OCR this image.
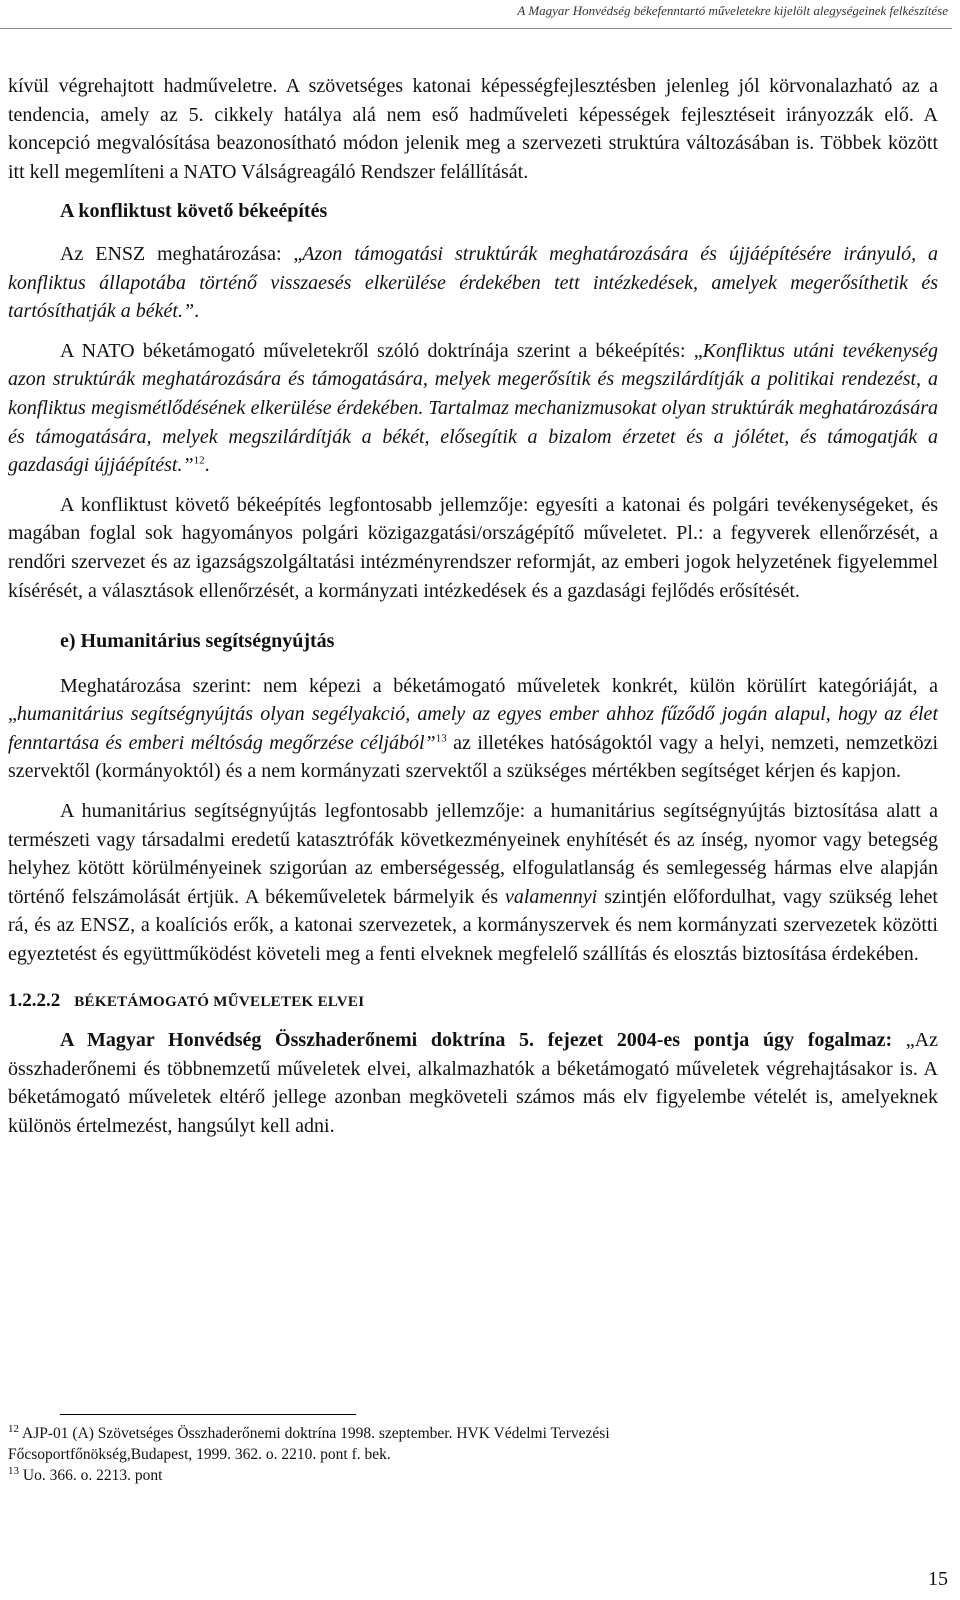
A Magyar Honvédség békefenntartó műveletekre kijelölt alegységeinek felkészítése

kívül végrehajtott hadműveletre. A szövetséges katonai képességfejlesztésben jelenleg jól körvonalazható az a tendencia, amely az 5. cikkely hatálya alá nem eső hadműveleti képességek fejlesztéseit irányozzák elő. A koncepció megvalósítása beazonosítható módon jelenik meg a szervezeti struktúra változásában is. Többek között itt kell megemlíteni a NATO Válságreagáló Rendszer felállítását.

A konfliktust követő békeépítés

Az ENSZ meghatározása: „Azon támogatási struktúrák meghatározására és újjáépítésére irányuló, a konfliktus állapotába történő visszaesés elkerülése érdekében tett intézkedések, amelyek megerősíthetik és tartósíthatják a békét.”.

A NATO béketámogató műveletekről szóló doktrínája szerint a békeépítés: „Konfliktus utáni tevékenység azon struktúrák meghatározására és támogatására, melyek megerősítik és megszilárdítják a politikai rendezést, a konfliktus megismétlődésének elkerülése érdekében. Tartalmaz mechanizmusokat olyan struktúrák meghatározására és támogatására, melyek megszilárdítják a békét, elősegítik a bizalom érzetet és a jólétet, és támogatják a gazdasági újjáépítést.”$^{12}$.

A konfliktust követő békeépítés legfontosabb jellemzője: egyesíti a katonai és polgári tevékenységeket, és magában foglal sok hagyományos polgári közigazgatási/országépítő műveletet. Pl.: a fegyverek ellenőrzését, a rendőri szervezet és az igazságszolgáltatási intézményrendszer reformját, az emberi jogok helyzetének figyelemmel kísérését, a választások ellenőrzését, a kormányzati intézkedések és a gazdasági fejlődés erősítését.

e) Humanitárius segítségnyújtás

Meghatározása szerint: nem képezi a béketámogató műveletek konkrét, külön körülírt kategóriáját, a „humanitárius segítségnyújtás olyan segélyakció, amely az egyes ember ahhoz fűződő jogán alapul, hogy az élet fenntartása és emberi méltóság megőrzése céljából”$^{13}$ az illetékes hatóságoktól vagy a helyi, nemzeti, nemzetközi szervektől (kormányoktól) és a nem kormányzati szervektől a szükséges mértékben segítséget kérjen és kapjon.

A humanitárius segítségnyújtás legfontosabb jellemzője: a humanitárius segítségnyújtás biztosítása alatt a természeti vagy társadalmi eredetű katasztrófák következményeinek enyhítését és az ínség, nyomor vagy betegség helyhez kötött körülményeinek szigorúan az emberségesség, elfogulatlanság és semlegesség hármas elve alapján történő felszámolását értjük. A békeműveletek bármelyik és valamennyi szintjén előfordulhat, vagy szükség lehet rá, és az ENSZ, a koalíciós erők, a katonai szervezetek, a kormányszervek és nem kormányzati szervezetek közötti egyeztetést és együttműködést követeli meg a fenti elveknek megfelelő szállítás és elosztás biztosítása érdekében.

1.2.2.2 BÉKETÁMOGATÓ MŰVELETEK ELVEI

A Magyar Honvédség Összhaderőnemi doktrína 5. fejezet 2004-es pontja úgy fogalmaz: „Az összhaderőnemi és többnemzetű műveletek elvei, alkalmazhatók a béketámogató műveletek végrehajtásakor is. A béketámogató műveletek eltérő jellege azonban megköveteli számos más elv figyelembe vételét is, amelyeknek különös értelmezést, hangsúlyt kell adni.

$^{12}$ AJP-01 (A) Szövetséges Összhaderőnemi doktrína 1998. szeptember. HVK Védelmi Tervezési Főcsoportfőnökség,Budapest, 1999. 362. o. 2210. pont f. bek.

$^{13}$ Uo. 366. o. 2213. pont

15
